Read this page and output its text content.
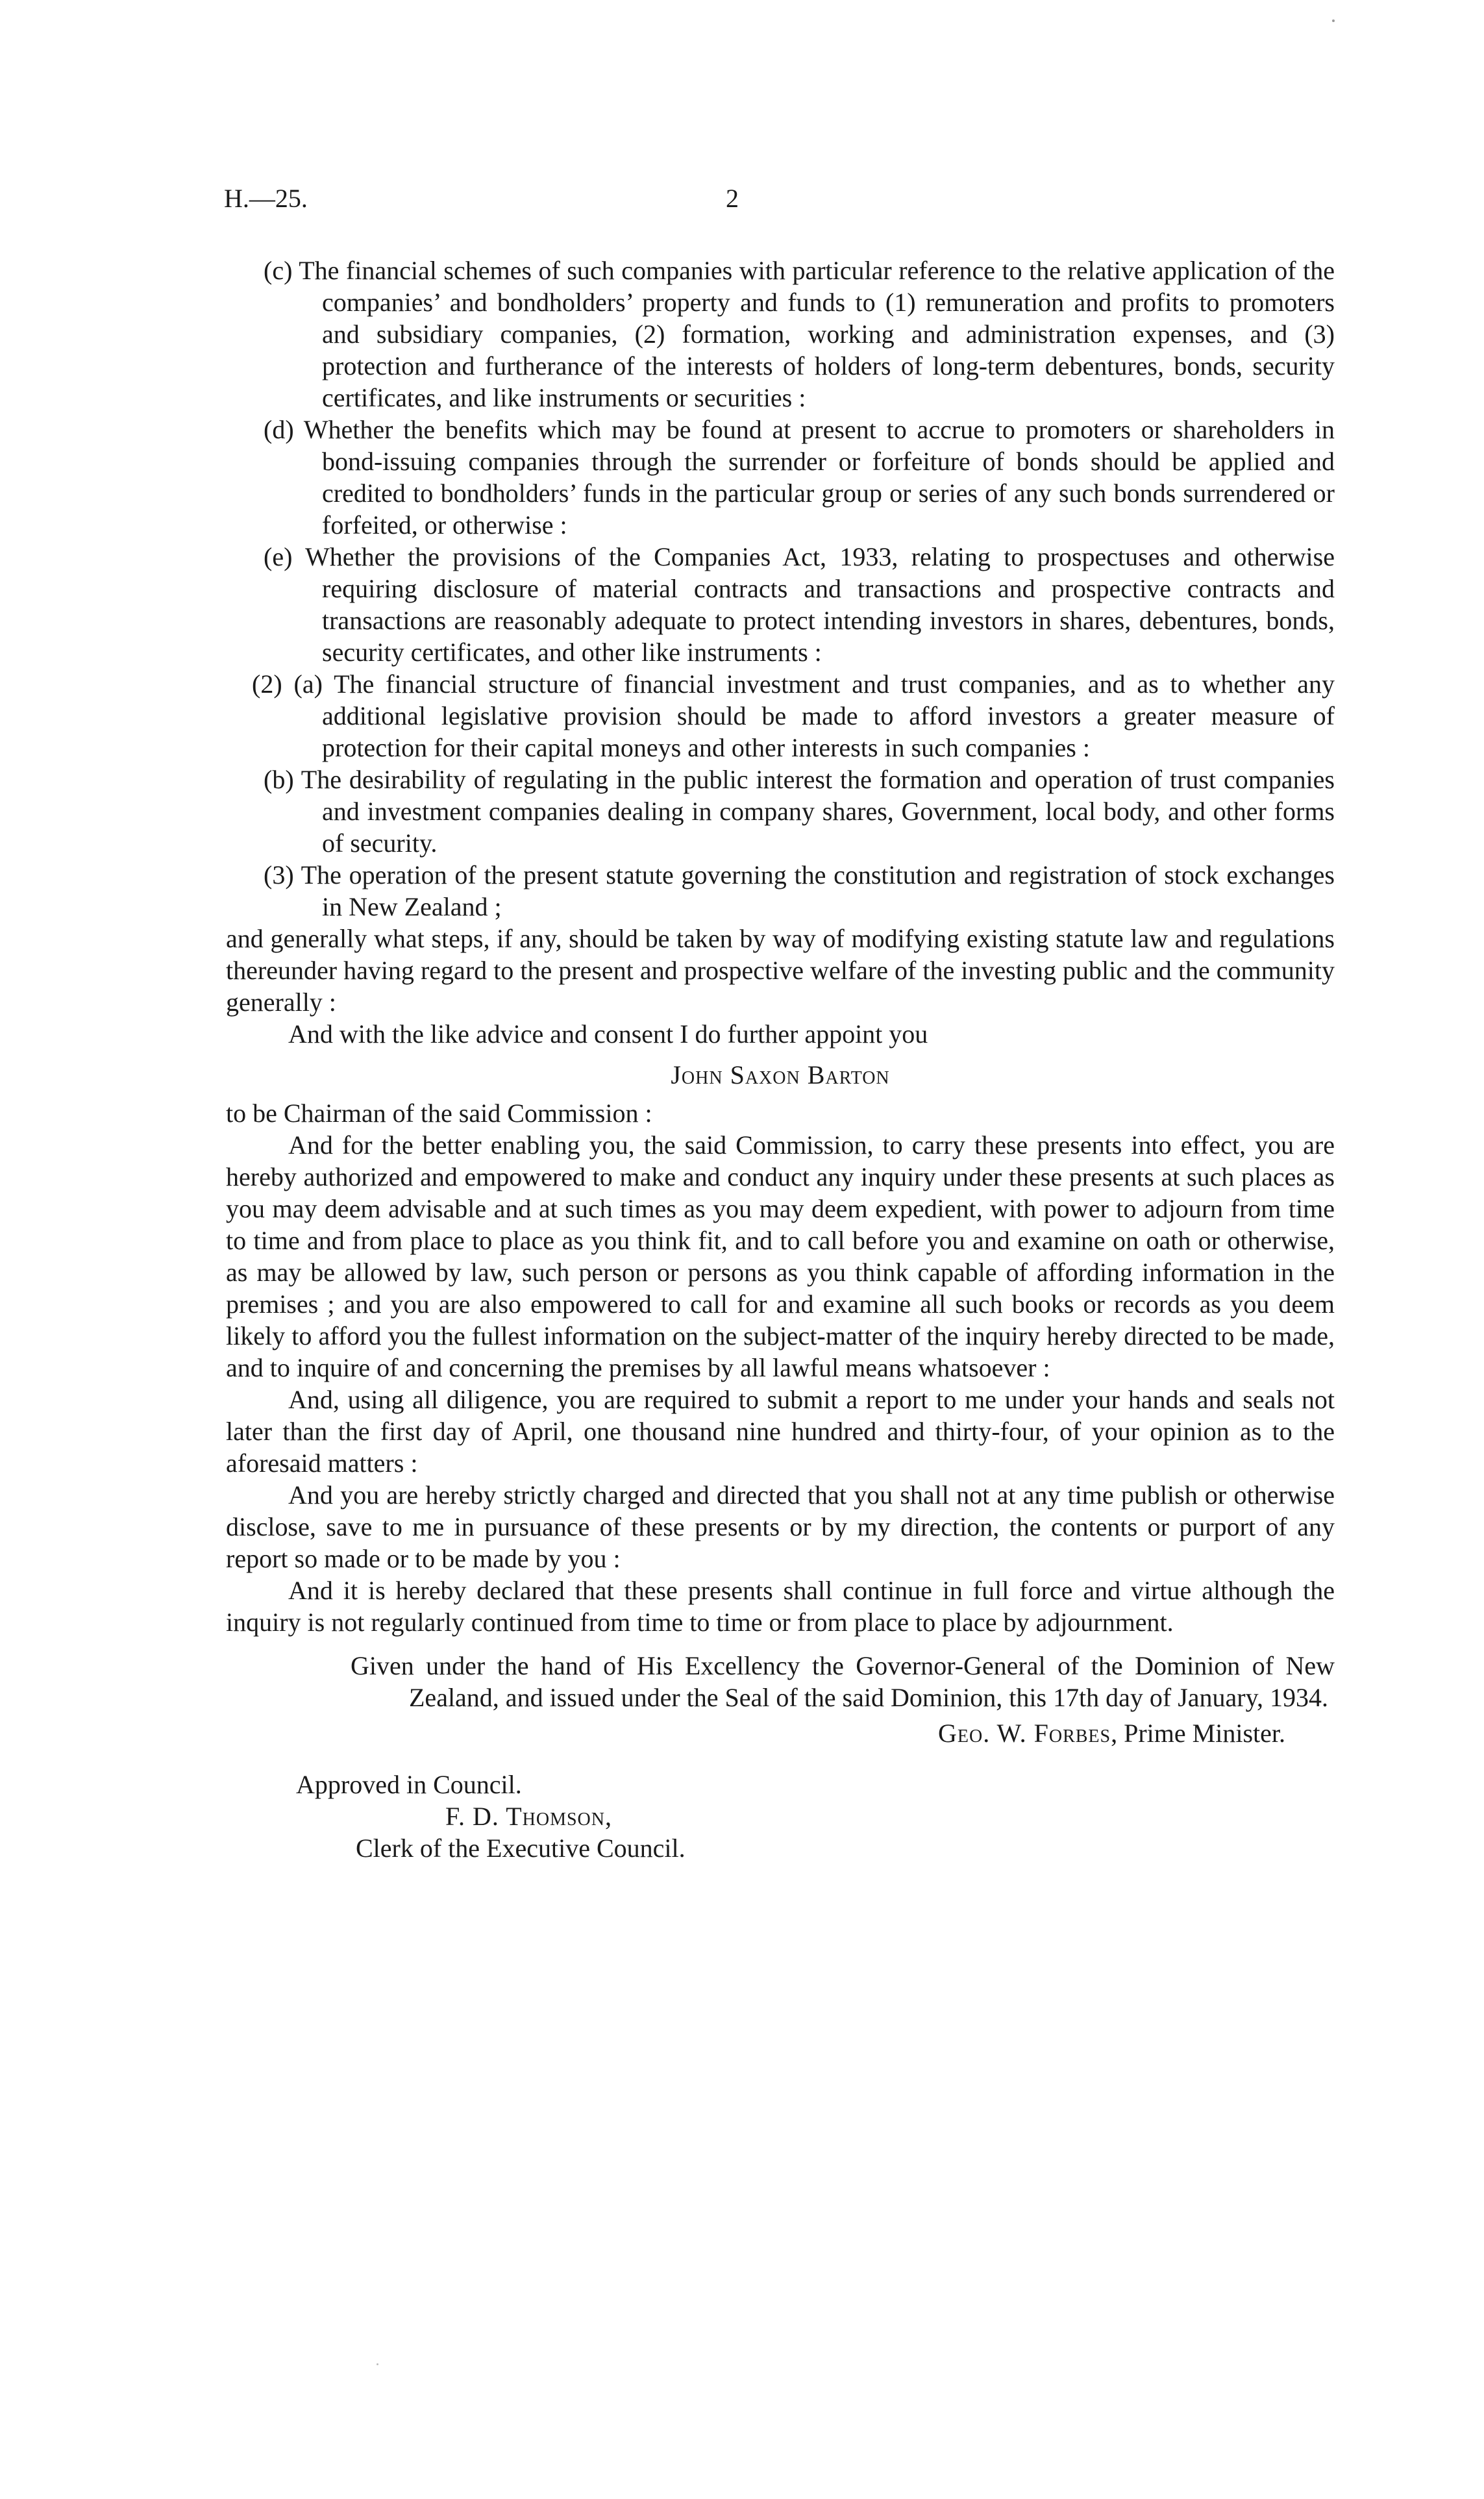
H.—25.	2

(c) The financial schemes of such companies with particular reference to the relative application of the companies’ and bondholders’ property and funds to (1) remuneration and profits to promoters and subsidiary companies, (2) formation, working and administration expenses, and (3) protection and furtherance of the interests of holders of long-term debentures, bonds, security certificates, and like instruments or securities :

(d) Whether the benefits which may be found at present to accrue to promoters or shareholders in bond-issuing companies through the surrender or forfeiture of bonds should be applied and credited to bondholders’ funds in the particular group or series of any such bonds surrendered or forfeited, or otherwise :

(e) Whether the provisions of the Companies Act, 1933, relating to prospectuses and otherwise requiring disclosure of material contracts and transactions and prospective contracts and transactions are reasonably adequate to protect intending investors in shares, debentures, bonds, security certificates, and other like instruments :

(2) (a) The financial structure of financial investment and trust companies, and as to whether any additional legislative provision should be made to afford investors a greater measure of protection for their capital moneys and other interests in such companies :

(b) The desirability of regulating in the public interest the formation and operation of trust companies and investment companies dealing in company shares, Government, local body, and other forms of security.

(3) The operation of the present statute governing the constitution and registration of stock exchanges in New Zealand ;

and generally what steps, if any, should be taken by way of modifying existing statute law and regulations thereunder having regard to the present and prospective welfare of the investing public and the community generally :

And with the like advice and consent I do further appoint you

John Saxon Barton

to be Chairman of the said Commission :

And for the better enabling you, the said Commission, to carry these presents into effect, you are hereby authorized and empowered to make and conduct any inquiry under these presents at such places as you may deem advisable and at such times as you may deem expedient, with power to adjourn from time to time and from place to place as you think fit, and to call before you and examine on oath or otherwise, as may be allowed by law, such person or persons as you think capable of affording information in the premises ; and you are also empowered to call for and examine all such books or records as you deem likely to afford you the fullest information on the subject-matter of the inquiry hereby directed to be made, and to inquire of and concerning the premises by all lawful means whatsoever :

And, using all diligence, you are required to submit a report to me under your hands and seals not later than the first day of April, one thousand nine hundred and thirty-four, of your opinion as to the aforesaid matters :

And you are hereby strictly charged and directed that you shall not at any time publish or otherwise disclose, save to me in pursuance of these presents or by my direction, the contents or purport of any report so made or to be made by you :

And it is hereby declared that these presents shall continue in full force and virtue although the inquiry is not regularly continued from time to time or from place to place by adjournment.

Given under the hand of His Excellency the Governor-General of the Dominion of New Zealand, and issued under the Seal of the said Dominion, this 17th day of January, 1934.

Geo. W. Forbes, Prime Minister.

Approved in Council.

F. D. Thomson,

Clerk of the Executive Council.
